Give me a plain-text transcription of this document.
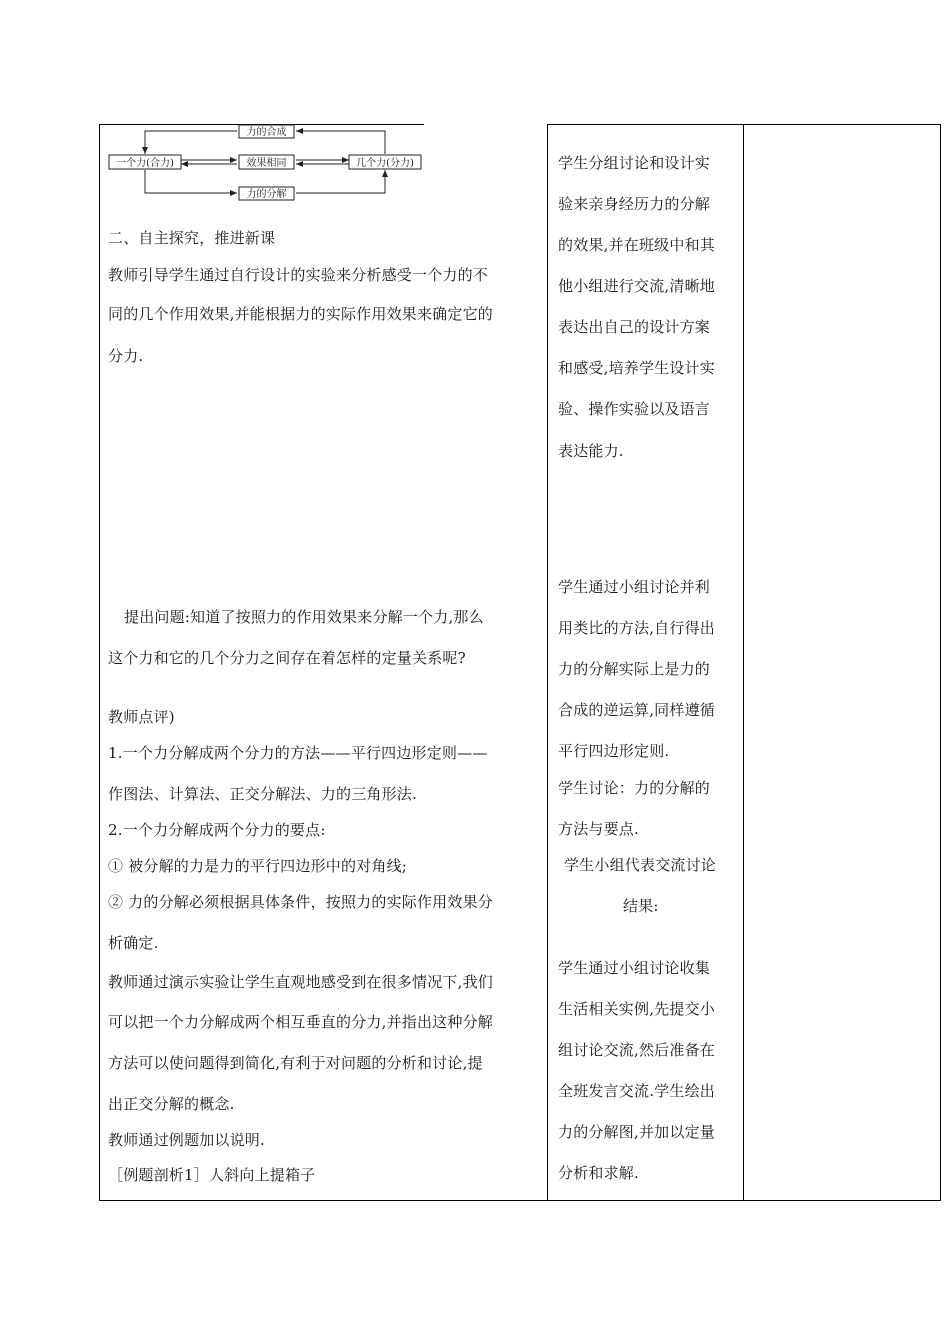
力的合成
一个力(合力)	效果相同	几个力(分力)
力的分解
二、自主探究，推进新课
教师引导学生通过自行设计的实验来分析感受一个力的不
同的几个作用效果,并能根据力的实际作用效果来确定它的
分力.
提出问题:知道了按照力的作用效果来分解一个力,那么
这个力和它的几个分力之间存在着怎样的定量关系呢?
教师点评)
1.一个力分解成两个分力的方法——平行四边形定则——
作图法、计算法、正交分解法、力的三角形法.
2.一个力分解成两个分力的要点:
① 被分解的力是力的平行四边形中的对角线;
② 力的分解必须根据具体条件，按照力的实际作用效果分
析确定.
教师通过演示实验让学生直观地感受到在很多情况下,我们
可以把一个力分解成两个相互垂直的分力,并指出这种分解
方法可以使问题得到简化,有利于对问题的分析和讨论,提
出正交分解的概念.
教师通过例题加以说明.
［例题剖析1］人斜向上提箱子
学生分组讨论和设计实
验来亲身经历力的分解
的效果,并在班级中和其
他小组进行交流,清晰地
表达出自己的设计方案
和感受,培养学生设计实
验、操作实验以及语言
表达能力.
学生通过小组讨论并利
用类比的方法,自行得出
力的分解实际上是力的
合成的逆运算,同样遵循
平行四边形定则.
学生讨论：力的分解的
方法与要点.
学生小组代表交流讨论
结果:
学生通过小组讨论收集
生活相关实例,先提交小
组讨论交流,然后准备在
全班发言交流.学生绘出
力的分解图,并加以定量
分析和求解.
